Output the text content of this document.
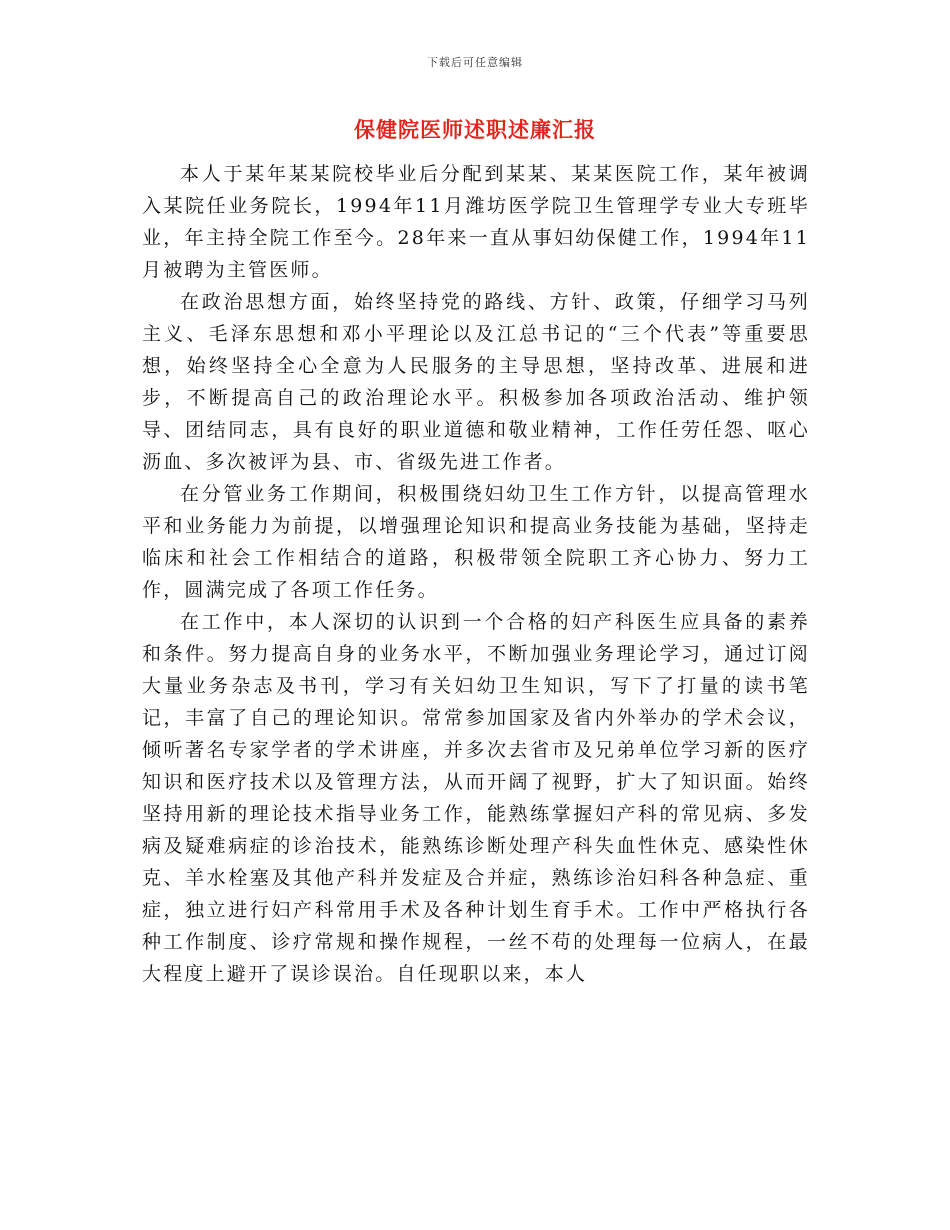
下载后可任意编辑
保健院医师述职述廉汇报

本人于某年某某院校毕业后分配到某某、某某医院工作，某年被调入某院任业务院长，1994年11月潍坊医学院卫生管理学专业大专班毕业，年主持全院工作至今。28年来一直从事妇幼保健工作，1994年11月被聘为主管医师。

在政治思想方面，始终坚持党的路线、方针、政策，仔细学习马列主义、毛泽东思想和邓小平理论以及江总书记的“三个代表”等重要思想，始终坚持全心全意为人民服务的主导思想，坚持改革、进展和进步，不断提高自己的政治理论水平。积极参加各项政治活动、维护领导、团结同志，具有良好的职业道德和敬业精神，工作任劳任怨、呕心沥血、多次被评为县、市、省级先进工作者。

在分管业务工作期间，积极围绕妇幼卫生工作方针，以提高管理水平和业务能力为前提，以增强理论知识和提高业务技能为基础，坚持走临床和社会工作相结合的道路，积极带领全院职工齐心协力、努力工作，圆满完成了各项工作任务。

在工作中，本人深切的认识到一个合格的妇产科医生应具备的素养和条件。努力提高自身的业务水平，不断加强业务理论学习，通过订阅大量业务杂志及书刊，学习有关妇幼卫生知识，写下了打量的读书笔记，丰富了自己的理论知识。常常参加国家及省内外举办的学术会议，倾听著名专家学者的学术讲座，并多次去省市及兄弟单位学习新的医疗知识和医疗技术以及管理方法，从而开阔了视野，扩大了知识面。始终坚持用新的理论技术指导业务工作，能熟练掌握妇产科的常见病、多发病及疑难病症的诊治技术，能熟练诊断处理产科失血性休克、感染性休克、羊水栓塞及其他产科并发症及合并症，熟练诊治妇科各种急症、重症，独立进行妇产科常用手术及各种计划生育手术。工作中严格执行各种工作制度、诊疗常规和操作规程，一丝不苟的处理每一位病人，在最大程度上避开了误诊误治。自任现职以来，本人
